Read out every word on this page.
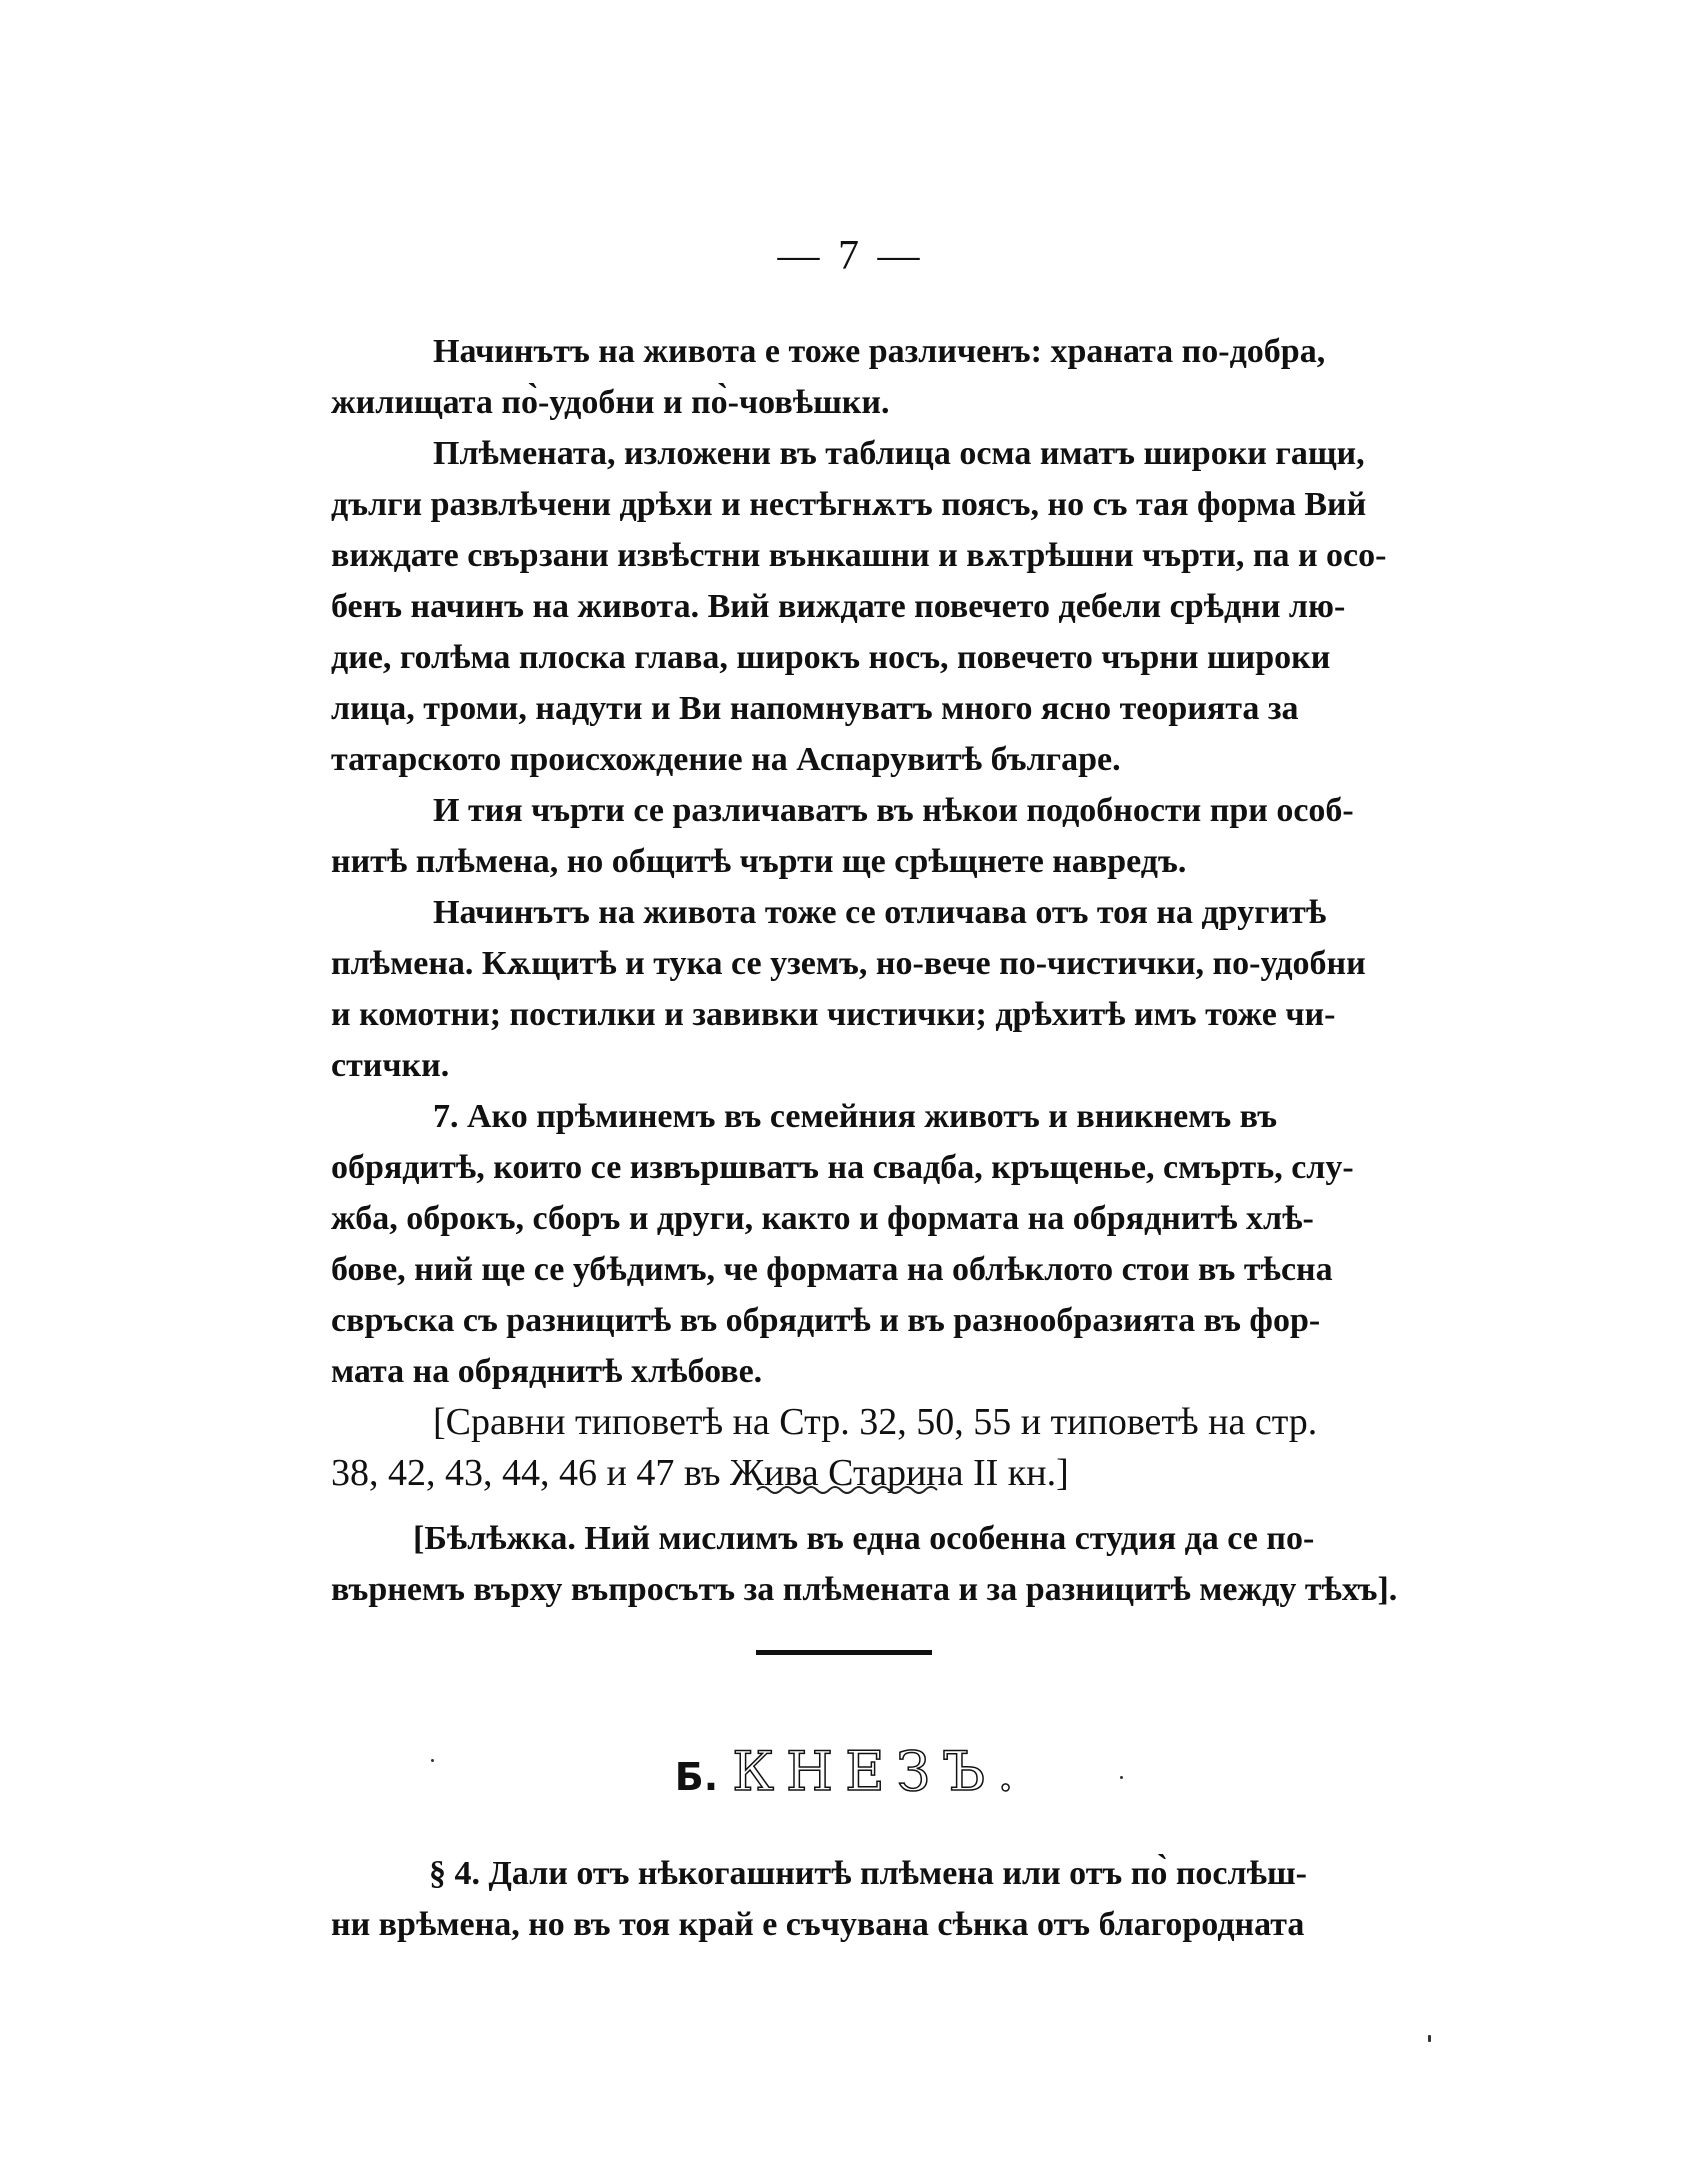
— 7 —
Начинътъ на живота е тоже различенъ: храната по-добра,
жилищата по̀-удобни и по̀-човѣшки.
Плѣмената, изложени въ таблица осма иматъ широки гащи,
дълги развлѣчени дрѣхи и нестѣгнѫтъ поясъ, но съ тая форма Вий
виждате свързани извѣстни вънкашни и вѫтрѣшни чърти, па и осо-
бенъ начинъ на живота. Вий виждате повечето дебели срѣдни лю-
дие, голѣма плоска глава, широкъ носъ, повечето чърни широки
лица, троми, надути и Ви напомнуватъ много ясно теорията за
татарското происхождение на Аспарувитѣ българе.
И тия чърти се различаватъ въ нѣкои подобности при особ-
нитѣ плѣмена, но общитѣ чърти ще срѣщнете навредъ.
Начинътъ на живота тоже се отличава отъ тоя на другитѣ
плѣмена. Кѫщитѣ и тука се уземъ, но-вече по-чистички, по-удобни
и комотни; постилки и завивки чистички; дрѣхитѣ имъ тоже чи-
стички.
7. Ако прѣминемъ въ семейния животъ и вникнемъ въ
обрядитѣ, които се извършватъ на свадба, кръщенье, смърть, слу-
жба, оброкъ, сборъ и други, както и формата на обряднитѣ хлѣ-
бове, ний ще се убѣдимъ, че формата на облѣклото стои въ тѣсна
свръска съ разницитѣ въ обрядитѣ и въ разнообразията въ фор-
мата на обряднитѣ хлѣбове.
[Сравни типоветѣ на Стр. 32, 50, 55 и типоветѣ на стр.
38, 42, 43, 44, 46 и 47 въ Жива Старина II кн.]
[Бѣлѣжка. Ний мислимъ въ една особенна студия да се по-
върнемъ върху въпросътъ за плѣмената и за разницитѣ между тѣхъ].
Б. КНЕЗЪ.
§ 4. Дали отъ нѣкогашнитѣ плѣмена или отъ по̀ послѣш-
ни врѣмена, но въ тоя край е съчувана сѣнка отъ благородната
